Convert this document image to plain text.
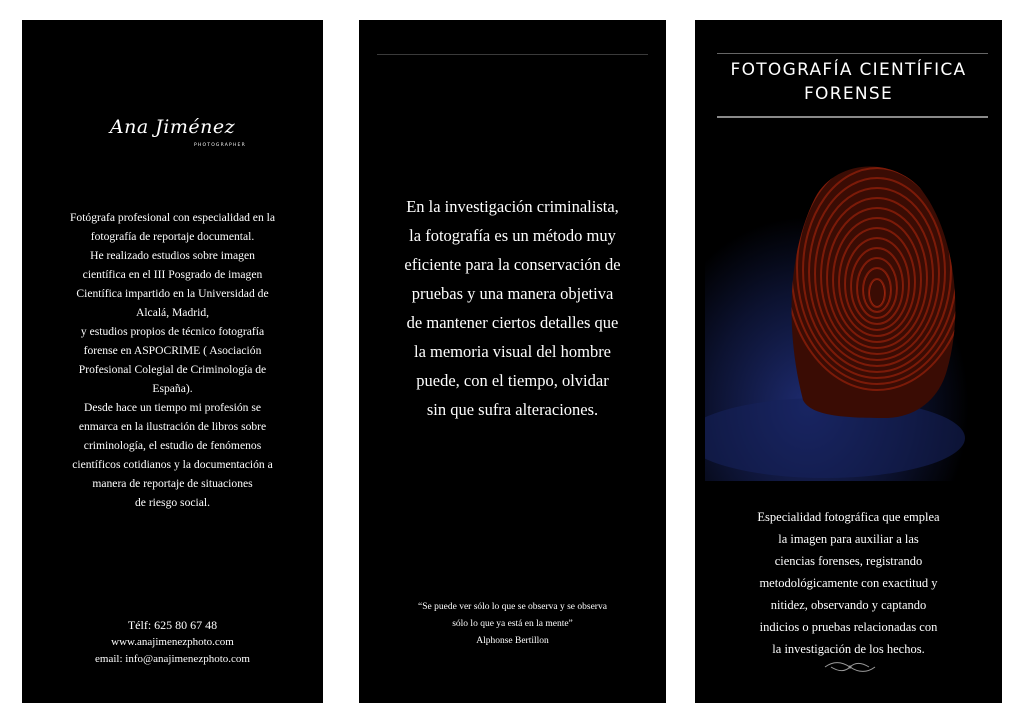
Ana Jiménez
PHOTOGRAPHER
Fotógrafa profesional con especialidad en la
fotografía de reportaje documental.
He realizado estudios sobre imagen
científica en el III Posgrado de imagen
Científica impartido en la Universidad de
Alcalá, Madrid,
y estudios propios de técnico fotografía
forense en ASPOCRIME ( Asociación
Profesional Colegial de Criminología de
España).
Desde hace un tiempo mi profesión se
enmarca en la ilustración de libros sobre
criminología, el estudio de fenómenos
científicos cotidianos y la documentación a
manera de reportaje de situaciones
de riesgo social.
Télf: 625 80 67 48
www.anajimenezphoto.com
email: info@anajimenezphoto.com
En la investigación criminalista,
la fotografía es un método muy
eficiente para la conservación de
pruebas y una manera objetiva
de mantener ciertos detalles que
la memoria visual del hombre
puede, con el tiempo, olvidar
sin que sufra alteraciones.
“Se puede ver sólo lo que se observa y se observa
sólo lo que ya está en la mente”
Alphonse Bertillon
FOTOGRAFÍA CIENTÍFICA
FORENSE
Especialidad fotográfica que emplea
la imagen para auxiliar a las
ciencias forenses, registrando
metodológicamente con exactitud y
nitidez, observando y captando
indicios o pruebas relacionadas con
la investigación de los hechos.
